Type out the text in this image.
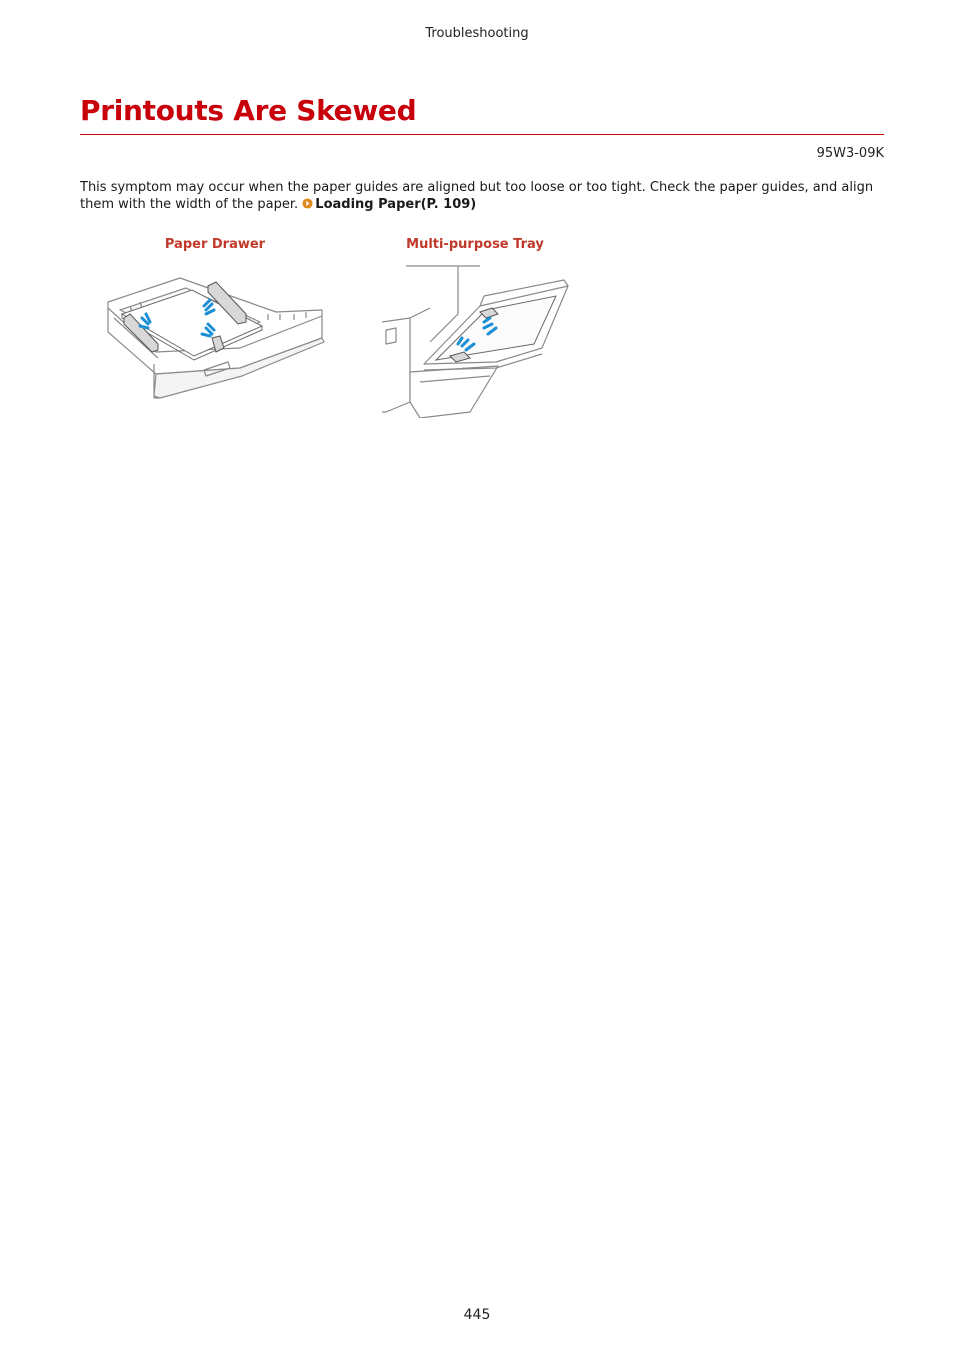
Troubleshooting
Printouts Are Skewed
95W3-09K

This symptom may occur when the paper guides are aligned but too loose or too tight. Check the paper guides, and align them with the width of the paper. Loading Paper(P. 109)

Paper Drawer	Multi-purpose Tray
445
